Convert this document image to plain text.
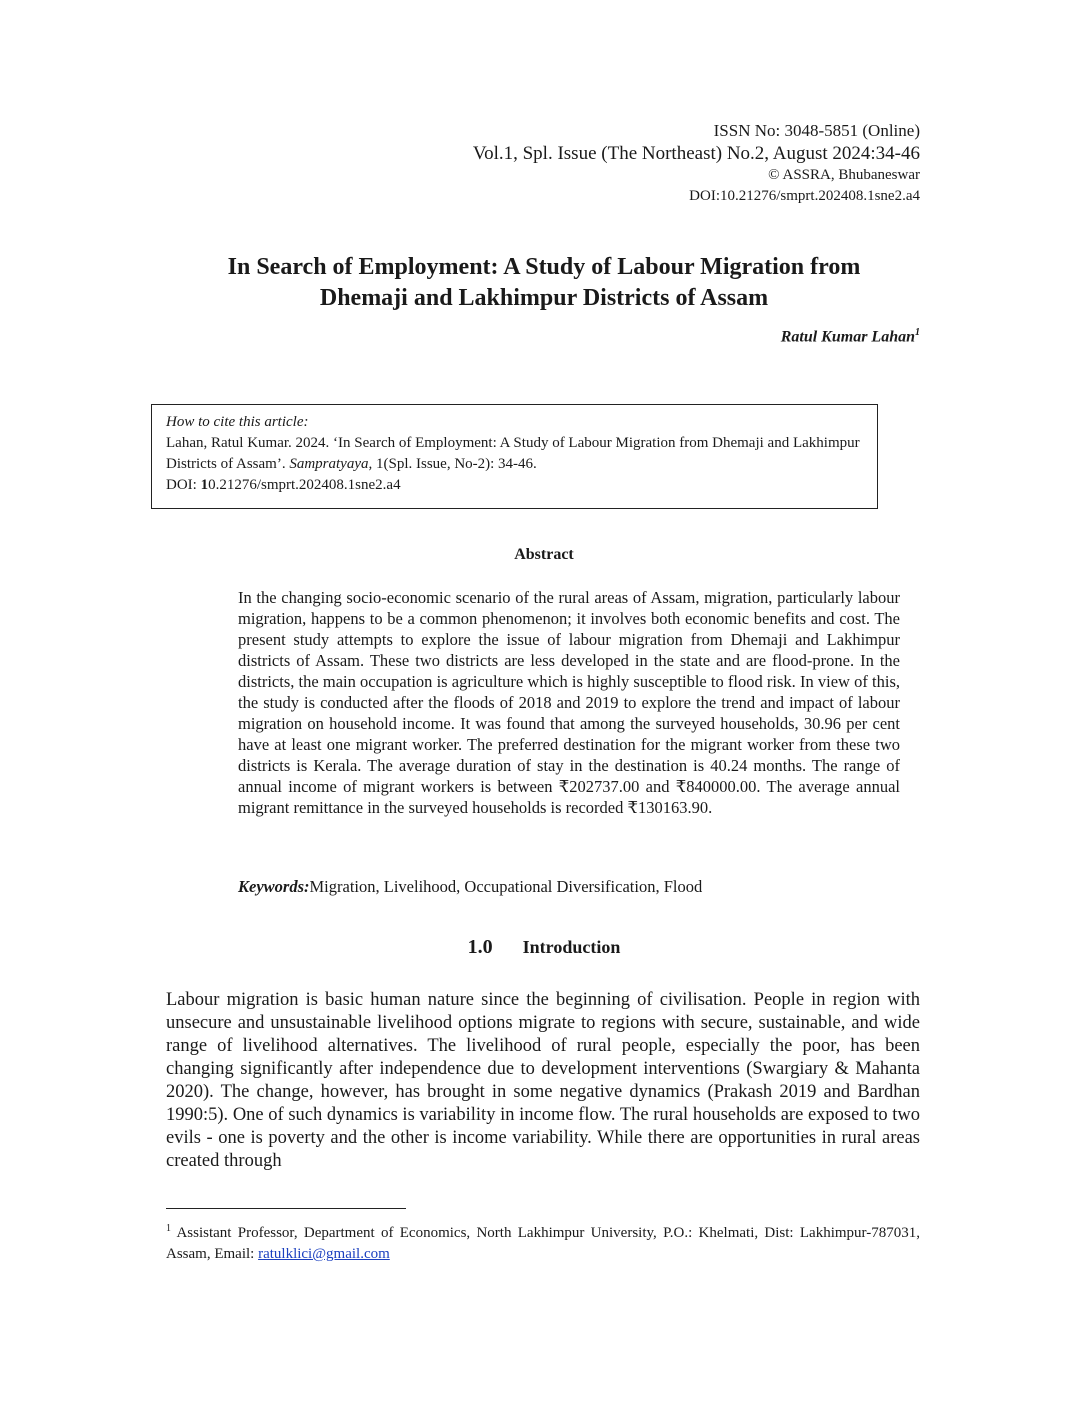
ISSN No: 3048-5851 (Online)
Vol.1, Spl. Issue (The Northeast) No.2, August 2024:34-46
© ASSRA, Bhubaneswar
DOI:10.21276/smprt.202408.1sne2.a4
In Search of Employment: A Study of Labour Migration from
Dhemaji and Lakhimpur Districts of Assam
Ratul Kumar Lahan$^1$
How to cite this article:
Lahan, Ratul Kumar. 2024. ‘In Search of Employment: A Study of Labour Migration from Dhemaji and Lakhimpur Districts of Assam’. Sampratyaya, 1(Spl. Issue, No-2): 34-46.
DOI: 10.21276/smprt.202408.1sne2.a4
Abstract
In the changing socio-economic scenario of the rural areas of Assam, migration, particularly labour migration, happens to be a common phenomenon; it involves both economic benefits and cost. The present study attempts to explore the issue of labour migration from Dhemaji and Lakhimpur districts of Assam. These two districts are less developed in the state and are flood-prone. In the districts, the main occupation is agriculture which is highly susceptible to flood risk. In view of this, the study is conducted after the floods of 2018 and 2019 to explore the trend and impact of labour migration on household income. It was found that among the surveyed households, 30.96 per cent have at least one migrant worker. The preferred destination for the migrant worker from these two districts is Kerala. The average duration of stay in the destination is 40.24 months. The range of annual income of migrant workers is between ₹202737.00 and ₹840000.00. The average annual migrant remittance in the surveyed households is recorded ₹130163.90.
Keywords:Migration, Livelihood, Occupational Diversification, Flood
1.0 Introduction
Labour migration is basic human nature since the beginning of civilisation. People in region with unsecure and unsustainable livelihood options migrate to regions with secure, sustainable, and wide range of livelihood alternatives. The livelihood of rural people, especially the poor, has been changing significantly after independence due to development interventions (Swargiary & Mahanta 2020). The change, however, has brought in some negative dynamics (Prakash 2019 and Bardhan 1990:5). One of such dynamics is variability in income flow. The rural households are exposed to two evils - one is poverty and the other is income variability. While there are opportunities in rural areas created through
$^1$ Assistant Professor, Department of Economics, North Lakhimpur University, P.O.: Khelmati, Dist: Lakhimpur-787031, Assam, Email: ratulklici@gmail.com
